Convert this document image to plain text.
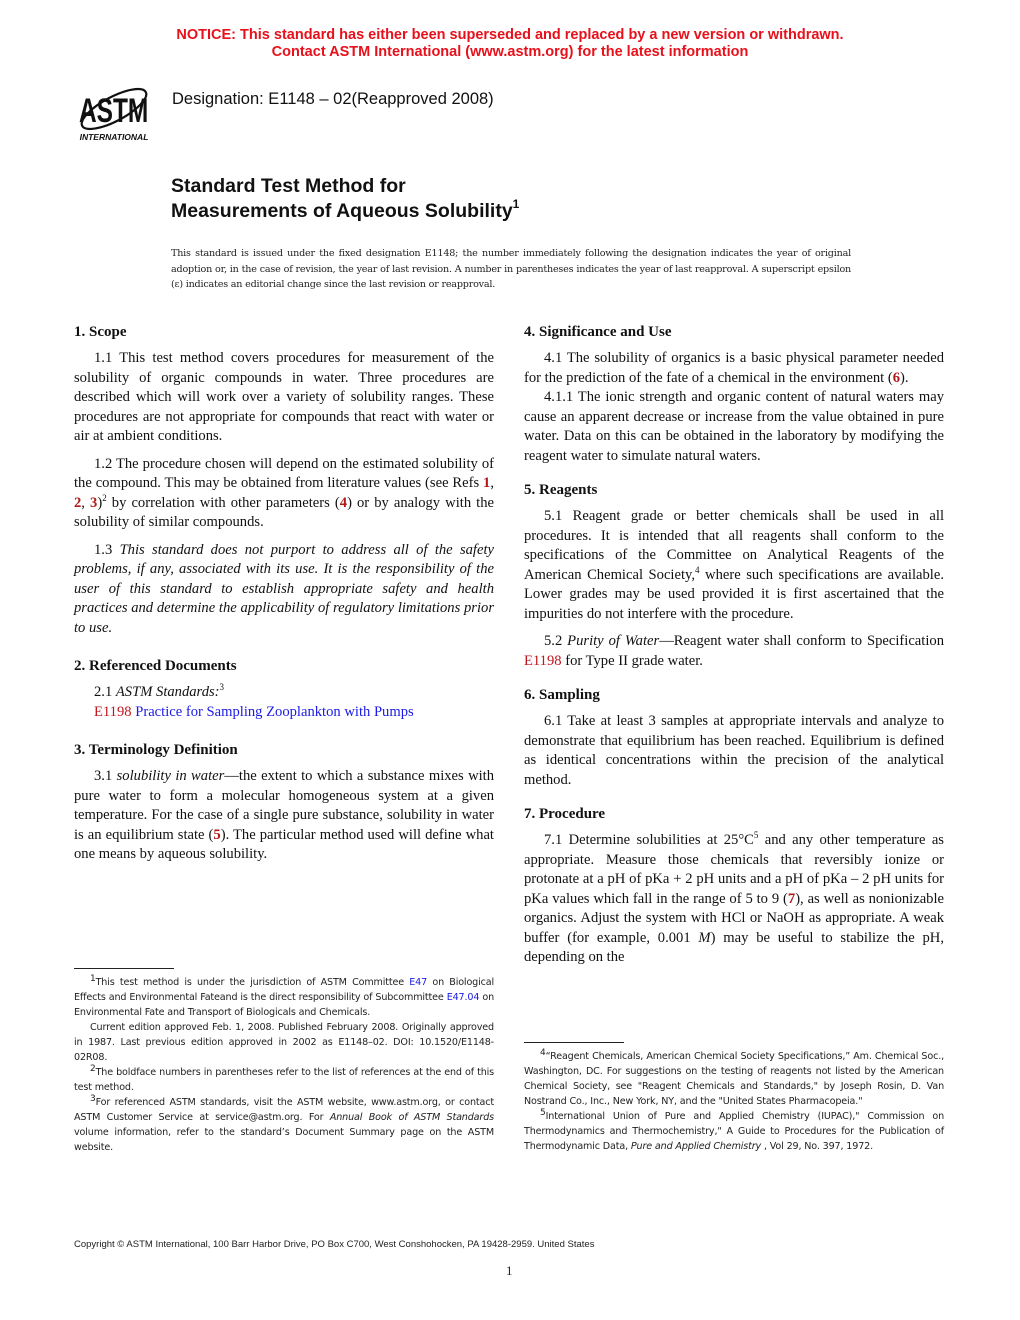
NOTICE: This standard has either been superseded and replaced by a new version or withdrawn.
Contact ASTM International (www.astm.org) for the latest information
ASTM
INTERNATIONAL
Designation: E1148 – 02(Reapproved 2008)
Standard Test Method for
Measurements of Aqueous Solubility$^1$
This standard is issued under the fixed designation E1148; the number immediately following the designation indicates the year of original adoption or, in the case of revision, the year of last revision. A number in parentheses indicates the year of last reapproval. A superscript epsilon (ε) indicates an editorial change since the last revision or reapproval.
1. Scope

1.1 This test method covers procedures for measurement of the solubility of organic compounds in water. Three procedures are described which will work over a variety of solubility ranges. These procedures are not appropriate for compounds that react with water or air at ambient conditions.

1.2 The procedure chosen will depend on the estimated solubility of the compound. This may be obtained from literature values (see Refs 1, 2, 3)$^2$ by correlation with other parameters (4) or by analogy with the solubility of similar compounds.

1.3 This standard does not purport to address all of the safety problems, if any, associated with its use. It is the responsibility of the user of this standard to establish appropriate safety and health practices and determine the applicability of regulatory limitations prior to use.

2. Referenced Documents

2.1 ASTM Standards:$^3$

E1198 Practice for Sampling Zooplankton with Pumps

3. Terminology Definition

3.1 solubility in water—the extent to which a substance mixes with pure water to form a molecular homogeneous system at a given temperature. For the case of a single pure substance, solubility in water is an equilibrium state (5). The particular method used will define what one means by aqueous solubility.

$^1$This test method is under the jurisdiction of ASTM Committee E47 on Biological Effects and Environmental Fateand is the direct responsibility of Subcommittee E47.04 on Environmental Fate and Transport of Biologicals and Chemicals.

Current edition approved Feb. 1, 2008. Published February 2008. Originally approved in 1987. Last previous edition approved in 2002 as E1148–02. DOI: 10.1520/E1148-02R08.

$^2$The boldface numbers in parentheses refer to the list of references at the end of this test method.

$^3$For referenced ASTM standards, visit the ASTM website, www.astm.org, or contact ASTM Customer Service at service@astm.org. For Annual Book of ASTM Standards volume information, refer to the standard’s Document Summary page on the ASTM website.

4. Significance and Use

4.1 The solubility of organics is a basic physical parameter needed for the prediction of the fate of a chemical in the environment (6).

4.1.1 The ionic strength and organic content of natural waters may cause an apparent decrease or increase from the value obtained in pure water. Data on this can be obtained in the laboratory by modifying the reagent water to simulate natural waters.

5. Reagents

5.1 Reagent grade or better chemicals shall be used in all procedures. It is intended that all reagents shall conform to the specifications of the Committee on Analytical Reagents of the American Chemical Society,$^4$ where such specifications are available. Lower grades may be used provided it is first ascertained that the impurities do not interfere with the procedure.

5.2 Purity of Water—Reagent water shall conform to Specification E1198 for Type II grade water.

6. Sampling

6.1 Take at least 3 samples at appropriate intervals and analyze to demonstrate that equilibrium has been reached. Equilibrium is defined as identical concentrations within the precision of the analytical method.

7. Procedure

7.1 Determine solubilities at $25^\circ C^5$ and any other temperature as appropriate. Measure those chemicals that reversibly ionize or protonate at a pH of pKa + 2 pH units and a pH of pKa – 2 pH units for pKa values which fall in the range of 5 to 9 (7), as well as nonionizable organics. Adjust the system with HCl or NaOH as appropriate. A weak buffer (for example, 0.001 M) may be useful to stabilize the pH, depending on the

$^4$“Reagent Chemicals, American Chemical Society Specifications,” Am. Chemical Soc., Washington, DC. For suggestions on the testing of reagents not listed by the American Chemical Society, see "Reagent Chemicals and Standards," by Joseph Rosin, D. Van Nostrand Co., Inc., New York, NY, and the "United States Pharmacopeia."

$^5$International Union of Pure and Applied Chemistry (IUPAC)," Commission on Thermodynamics and Thermochemistry," A Guide to Procedures for the Publication of Thermodynamic Data, Pure and Applied Chemistry , Vol 29, No. 397, 1972.

Copyright © ASTM International, 100 Barr Harbor Drive, PO Box C700, West Conshohocken, PA 19428-2959. United States
1
